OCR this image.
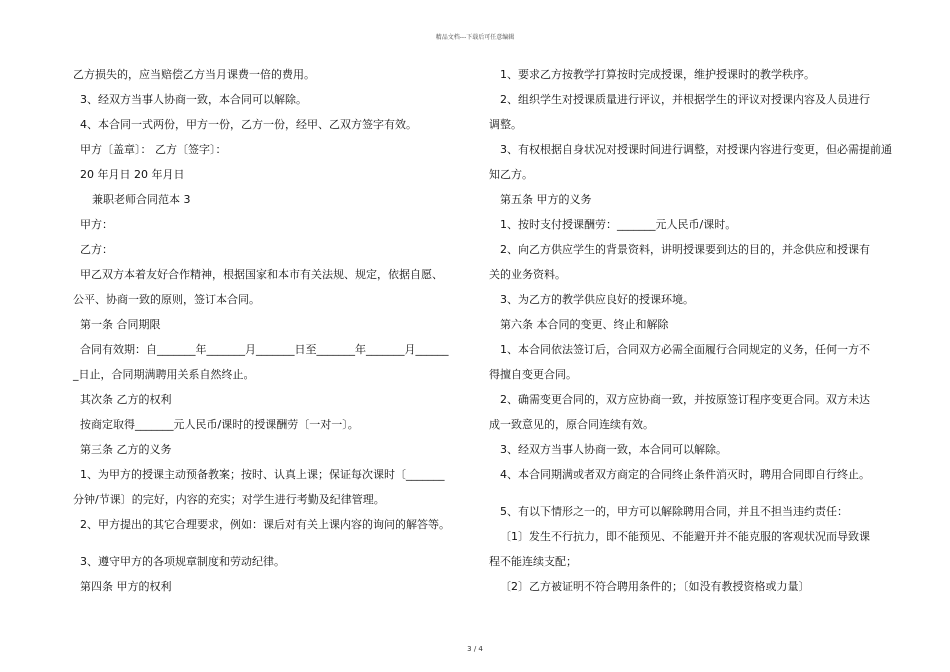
精品文档---下载后可任意编辑
乙方损失的，应当赔偿乙方当月课费一倍的费用。
3、经双方当事人协商一致，本合同可以解除。
4、本合同一式两份，甲方一份，乙方一份，经甲、乙双方签字有效。
甲方〔盖章〕： 乙方〔签字〕：
20 年月日 20 年月日
兼职老师合同范本 3
甲方：
乙方：
甲乙双方本着友好合作精神，根据国家和本市有关法规、规定，依据自愿、
公平、协商一致的原则，签订本合同。
第一条 合同期限
合同有效期：自_______年_______月_______日至_______年_______月______
_日止，合同期满聘用关系自然终止。
其次条 乙方的权利
按商定取得_______元人民币/课时的授课酬劳〔一对一〕。
第三条 乙方的义务
1、为甲方的授课主动预备教案；按时、认真上课；保证每次课时〔_______
分钟/节课〕的完好，内容的充实；对学生进行考勤及纪律管理。
2、甲方提出的其它合理要求，例如：课后对有关上课内容的询问的解答等。
3、遵守甲方的各项规章制度和劳动纪律。
第四条 甲方的权利
1、要求乙方按教学打算按时完成授课，维护授课时的教学秩序。
2、组织学生对授课质量进行评议，并根据学生的评议对授课内容及人员进行
调整。
3、有权根据自身状况对授课时间进行调整，对授课内容进行变更，但必需提前通
知乙方。
第五条 甲方的义务
1、按时支付授课酬劳：_______元人民币/课时。
2、向乙方供应学生的背景资料，讲明授课要到达的目的，并念供应和授课有
关的业务资料。
3、为乙方的教学供应良好的授课环境。
第六条 本合同的变更、终止和解除
1、本合同依法签订后，合同双方必需全面履行合同规定的义务，任何一方不
得擅自变更合同。
2、确需变更合同的，双方应协商一致，并按原签订程序变更合同。双方未达
成一致意见的，原合同连续有效。
3、经双方当事人协商一致，本合同可以解除。
4、本合同期满或者双方商定的合同终止条件消灭时，聘用合同即自行终止。
5、有以下情形之一的，甲方可以解除聘用合同，并且不担当违约责任：
〔1〕发生不行抗力，即不能预见、不能避开并不能克服的客观状况而导致课
程不能连续支配；
〔2〕乙方被证明不符合聘用条件的；〔如没有教授资格或力量〕
3 / 4
